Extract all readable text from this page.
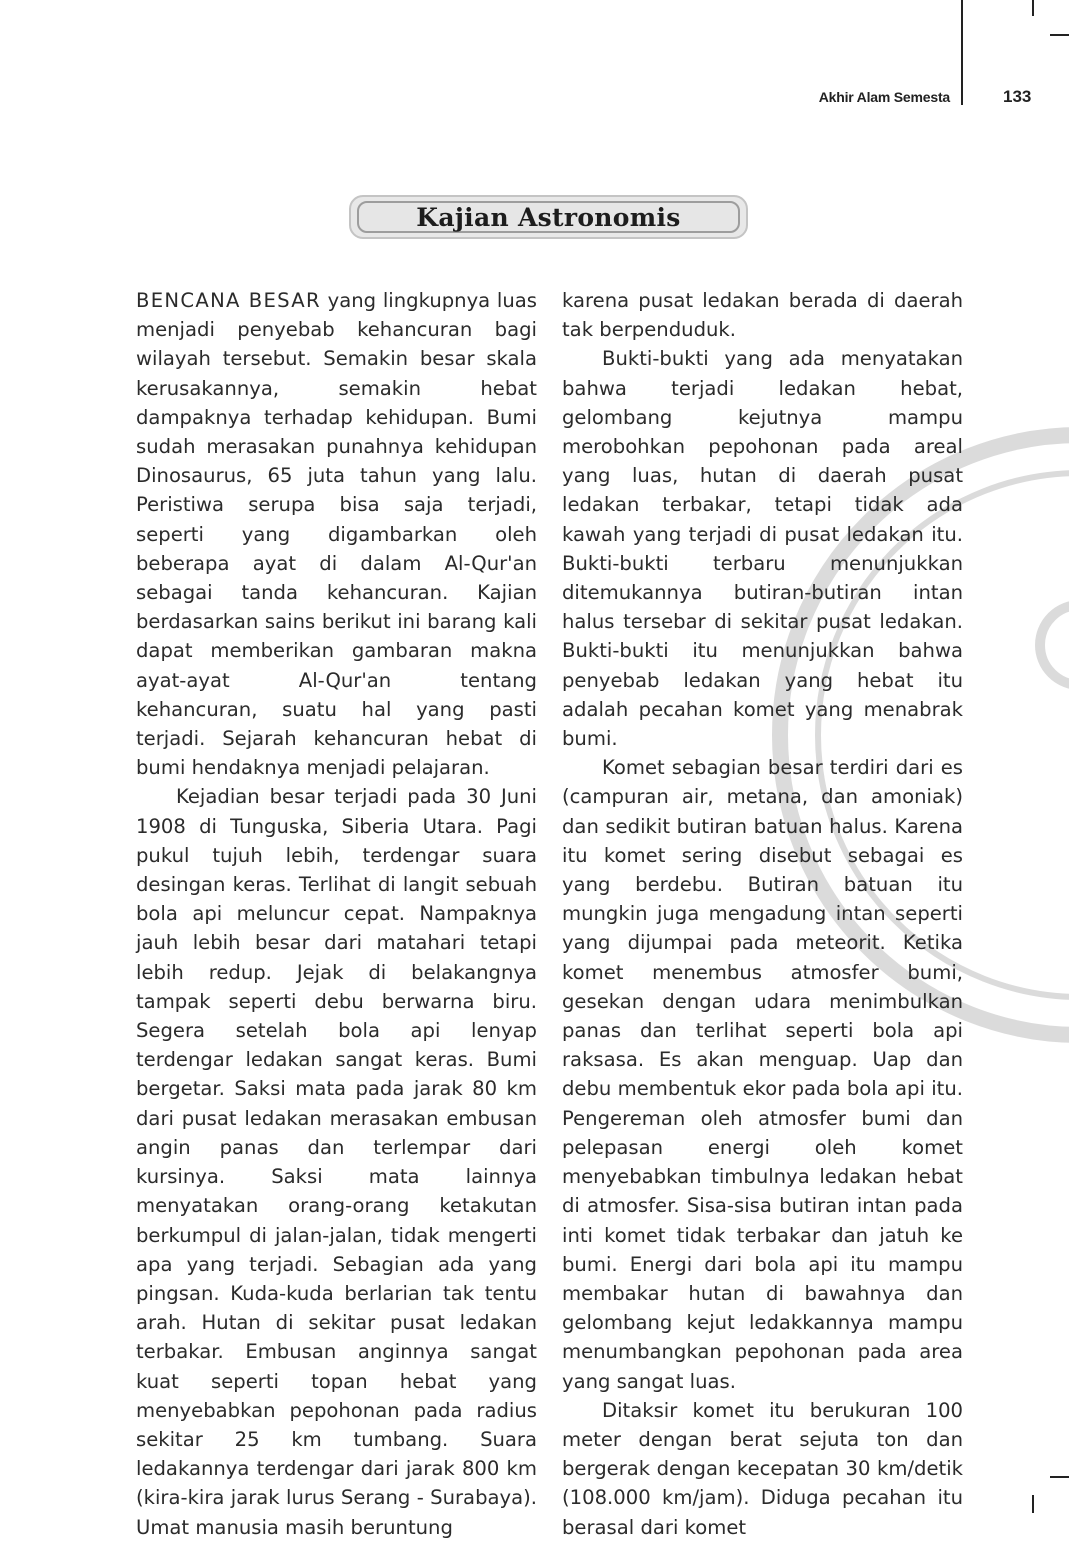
Akhir Alam Semesta	133
Kajian Astronomis

BENCANA BESAR yang lingkupnya luas menjadi penyebab kehancuran bagi wilayah tersebut. Semakin besar skala kerusakannya, semakin hebat dampaknya terhadap kehidupan. Bumi sudah merasakan punahnya kehidupan Dinosaurus, 65 juta tahun yang lalu. Peristiwa serupa bisa saja terjadi, seperti yang digambarkan oleh beberapa ayat di dalam Al-Qur'an sebagai tanda kehancuran. Kajian berdasarkan sains berikut ini barang kali dapat memberikan gambaran makna ayat-ayat Al-Qur'an tentang kehancuran, suatu hal yang pasti terjadi. Sejarah kehancuran hebat di bumi hendaknya menjadi pelajaran.

Kejadian besar terjadi pada 30 Juni 1908 di Tunguska, Siberia Utara. Pagi pukul tujuh lebih, terdengar suara desingan keras. Terlihat di langit sebuah bola api meluncur cepat. Nampaknya jauh lebih besar dari matahari tetapi lebih redup. Jejak di belakangnya tampak seperti debu berwarna biru. Segera setelah bola api lenyap terdengar ledakan sangat keras. Bumi bergetar. Saksi mata pada jarak 80 km dari pusat ledakan merasakan embusan angin panas dan terlempar dari kursinya. Saksi mata lainnya menyatakan orang-orang ketakutan berkumpul di jalan-jalan, tidak mengerti apa yang terjadi. Sebagian ada yang pingsan. Kuda-kuda berlarian tak tentu arah. Hutan di sekitar pusat ledakan terbakar. Embusan anginnya sangat kuat seperti topan hebat yang menyebabkan pepohonan pada radius sekitar 25 km tumbang. Suara ledakannya terdengar dari jarak 800 km (kira-kira jarak lurus Serang - Surabaya). Umat manusia masih beruntung

karena pusat ledakan berada di daerah tak berpenduduk.

Bukti-bukti yang ada menyatakan bahwa terjadi ledakan hebat, gelombang kejutnya mampu merobohkan pepohonan pada areal yang luas, hutan di daerah pusat ledakan terbakar, tetapi tidak ada kawah yang terjadi di pusat ledakan itu. Bukti-bukti terbaru menunjukkan ditemukannya butiran-butiran intan halus tersebar di sekitar pusat ledakan. Bukti-bukti itu menunjukkan bahwa penyebab ledakan yang hebat itu adalah pecahan komet yang menabrak bumi.

Komet sebagian besar terdiri dari es (campuran air, metana, dan amoniak) dan sedikit butiran batuan halus. Karena itu komet sering disebut sebagai es yang berdebu. Butiran batuan itu mungkin juga mengadung intan seperti yang dijumpai pada meteorit. Ketika komet menembus atmosfer bumi, gesekan dengan udara menimbulkan panas dan terlihat seperti bola api raksasa. Es akan menguap. Uap dan debu membentuk ekor pada bola api itu. Pengereman oleh atmosfer bumi dan pelepasan energi oleh komet menyebabkan timbulnya ledakan hebat di atmosfer. Sisa-sisa butiran intan pada inti komet tidak terbakar dan jatuh ke bumi. Energi dari bola api itu mampu membakar hutan di bawahnya dan gelombang kejut ledakkannya mampu menumbangkan pepohonan pada area yang sangat luas.

Ditaksir komet itu berukuran 100 meter dengan berat sejuta ton dan bergerak dengan kecepatan 30 km/detik (108.000 km/jam). Diduga pecahan itu berasal dari komet
